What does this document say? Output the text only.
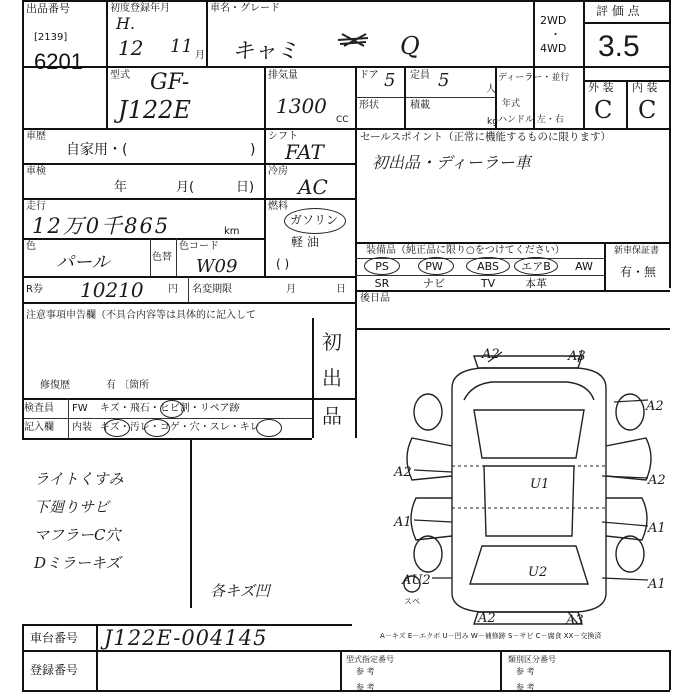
出品番号
[2139]
6201
初度登録年月
H.
12 11 月
車名・グレード
キャミ	Q
2WD
・
4WD
評 価 点
3.5
型式 GF-
J122E
排気量
1300
CC
ドア 5 定員 5	人
形状	積載
kg
ディーラー・並行
年式
ハンドル 左・右
外 装 内 装
C C
車歴
自家用・(	)
シフト
FAT
車検
年	月(	日)
冷房
AC
走行
12万0千865	km
燃料
ガソリン
軽 油
( )
色
パール	色替
色コード
W09
R券 10210 円 名変期限	月	日
セールスポイント（正常に機能するものに限ります）
初出品・ディーラー車
装備品（純正品に限り○をつけてください）	新車保証書
有・無
PS	PW	ABS	エアB	AW
SR	ナビ	TV	本革
後日品
注意事項申告欄（不具合内容等は具体的に記入して
修復歴	有 〔箇所
初
出
品
検査員
記入欄
FW キズ・飛石・ヒビ割・リペア跡
内装 キズ・汚レ・コゲ・穴・スレ・キレ
ライトくすみ
下廻りサビ
マフラーC穴
Dミラーキズ
各キズ凹
A2	A3
A2
A2
U1	A2
A1	A1
U2
AU2	A1
A2	A3
スペ
A－キズ E－エクボ U－凹み W－補修跡 S－サビ C－腐食 XX－交換済
車台番号 J122E-004145
登録番号
型式指定番号
参 考
参 考
類別区分番号
参 考
参 考
